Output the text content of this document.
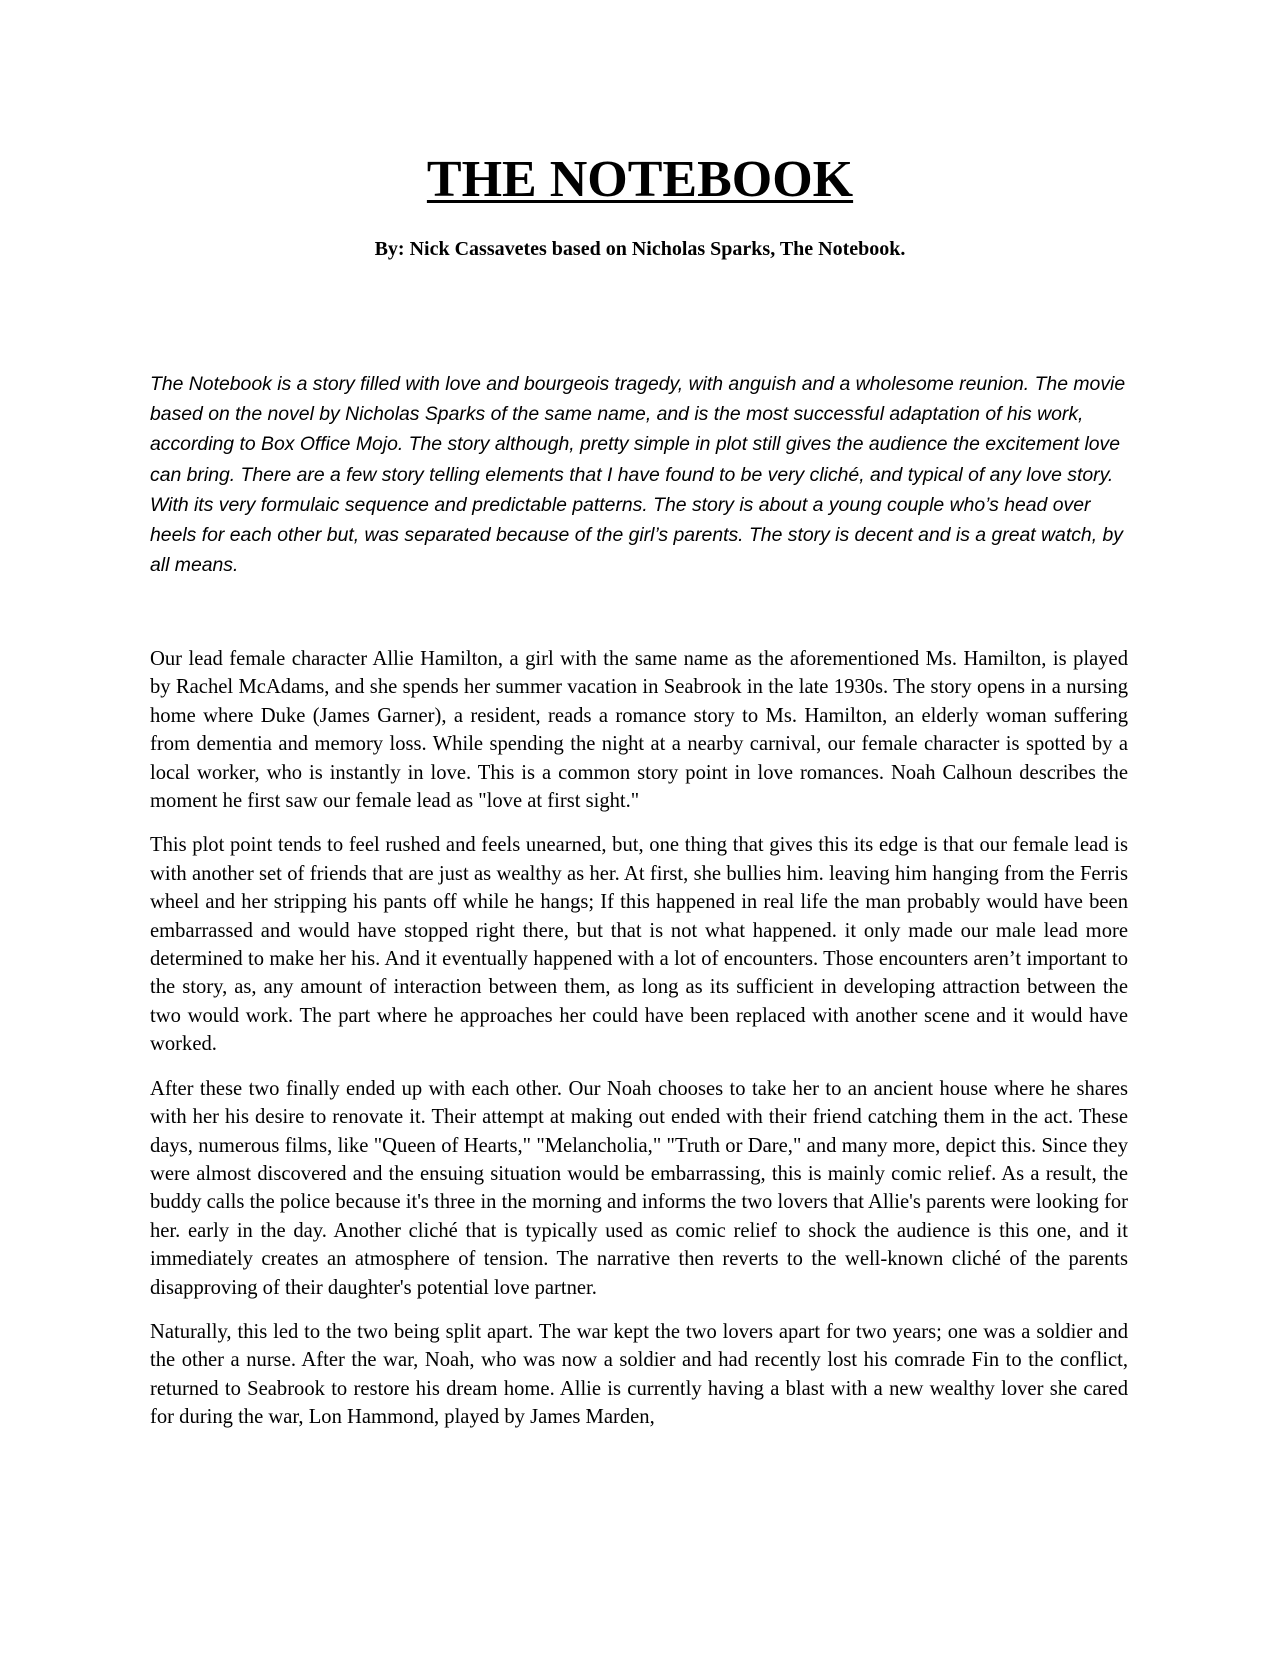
THE NOTEBOOK

By: Nick Cassavetes based on Nicholas Sparks, The Notebook.

The Notebook is a story filled with love and bourgeois tragedy, with anguish and a wholesome reunion. The movie based on the novel by Nicholas Sparks of the same name, and is the most successful adaptation of his work, according to Box Office Mojo. The story although, pretty simple in plot still gives the audience the excitement love can bring. There are a few story telling elements that I have found to be very cliché, and typical of any love story. With its very formulaic sequence and predictable patterns. The story is about a young couple who’s head over heels for each other but, was separated because of the girl’s parents. The story is decent and is a great watch, by all means.

Our lead female character Allie Hamilton, a girl with the same name as the aforementioned Ms. Hamilton, is played by Rachel McAdams, and she spends her summer vacation in Seabrook in the late 1930s. The story opens in a nursing home where Duke (James Garner), a resident, reads a romance story to Ms. Hamilton, an elderly woman suffering from dementia and memory loss. While spending the night at a nearby carnival, our female character is spotted by a local worker, who is instantly in love. This is a common story point in love romances. Noah Calhoun describes the moment he first saw our female lead as "love at first sight."

This plot point tends to feel rushed and feels unearned, but, one thing that gives this its edge is that our female lead is with another set of friends that are just as wealthy as her. At first, she bullies him. leaving him hanging from the Ferris wheel and her stripping his pants off while he hangs; If this happened in real life the man probably would have been embarrassed and would have stopped right there, but that is not what happened. it only made our male lead more determined to make her his. And it eventually happened with a lot of encounters. Those encounters aren’t important to the story, as, any amount of interaction between them, as long as its sufficient in developing attraction between the two would work. The part where he approaches her could have been replaced with another scene and it would have worked.

After these two finally ended up with each other. Our Noah chooses to take her to an ancient house where he shares with her his desire to renovate it. Their attempt at making out ended with their friend catching them in the act. These days, numerous films, like "Queen of Hearts," "Melancholia," "Truth or Dare," and many more, depict this. Since they were almost discovered and the ensuing situation would be embarrassing, this is mainly comic relief. As a result, the buddy calls the police because it's three in the morning and informs the two lovers that Allie's parents were looking for her. early in the day. Another cliché that is typically used as comic relief to shock the audience is this one, and it immediately creates an atmosphere of tension. The narrative then reverts to the well-known cliché of the parents disapproving of their daughter's potential love partner.

Naturally, this led to the two being split apart. The war kept the two lovers apart for two years; one was a soldier and the other a nurse. After the war, Noah, who was now a soldier and had recently lost his comrade Fin to the conflict, returned to Seabrook to restore his dream home. Allie is currently having a blast with a new wealthy lover she cared for during the war, Lon Hammond, played by James Marden,
